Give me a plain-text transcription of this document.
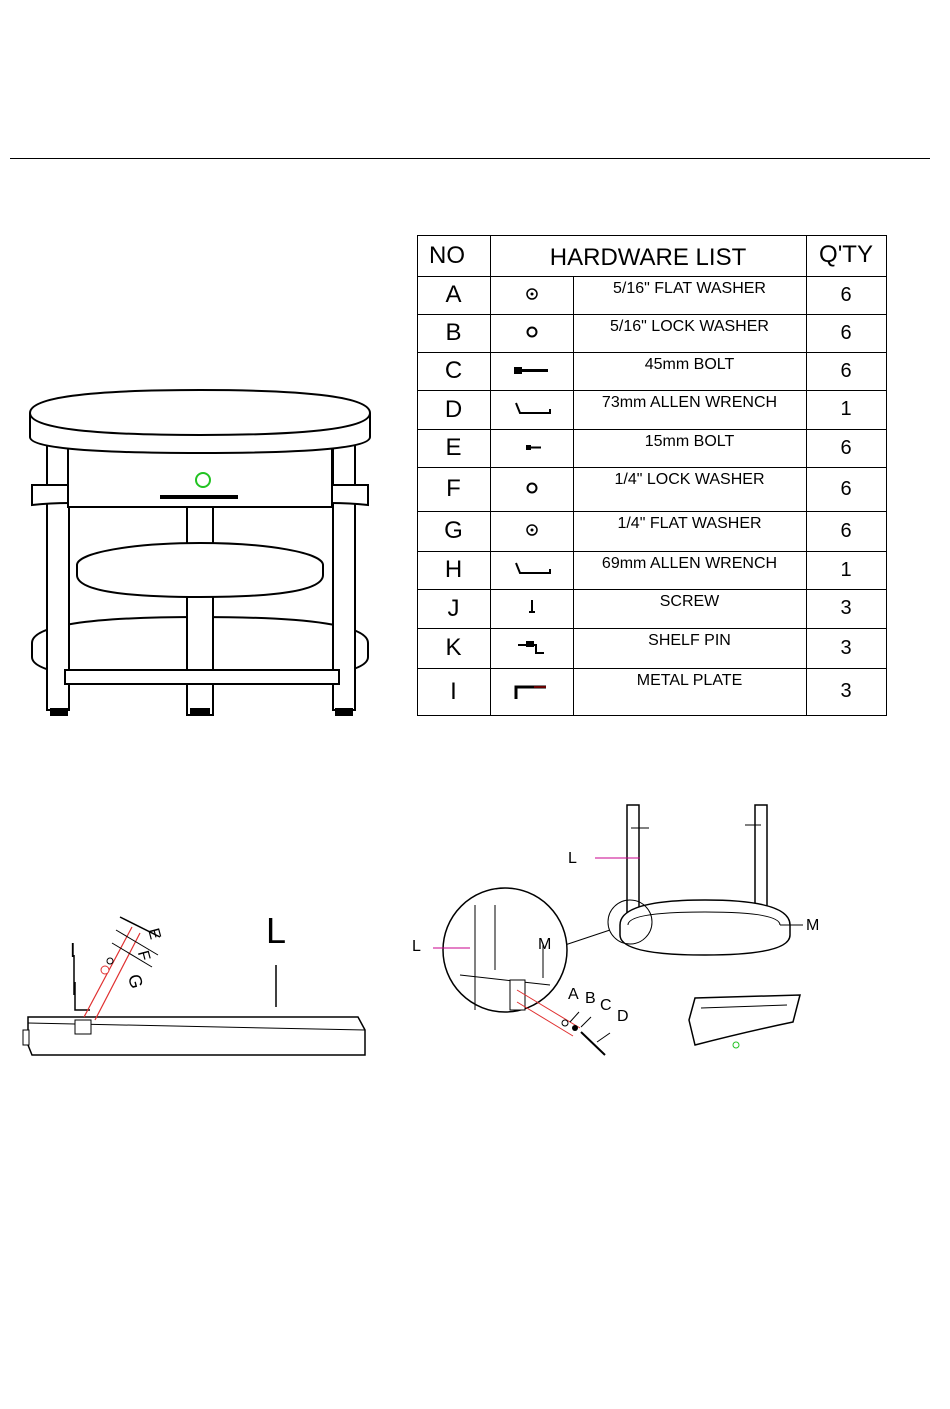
NO	HARDWARE LIST	Q'TY
A	5/16" FLAT WASHER	6
B	5/16" LOCK WASHER	6
C	45mm BOLT	6
D	73mm ALLEN WRENCH	1
E	15mm BOLT	6
F	1/4" LOCK WASHER	6
G	1/4" FLAT WASHER	6
H	69mm ALLEN WRENCH	1
J	SCREW	3
K	SHELF PIN	3
I	METAL PLATE	3
I	L
E
F
G
L
M
L	M
A B C
D
